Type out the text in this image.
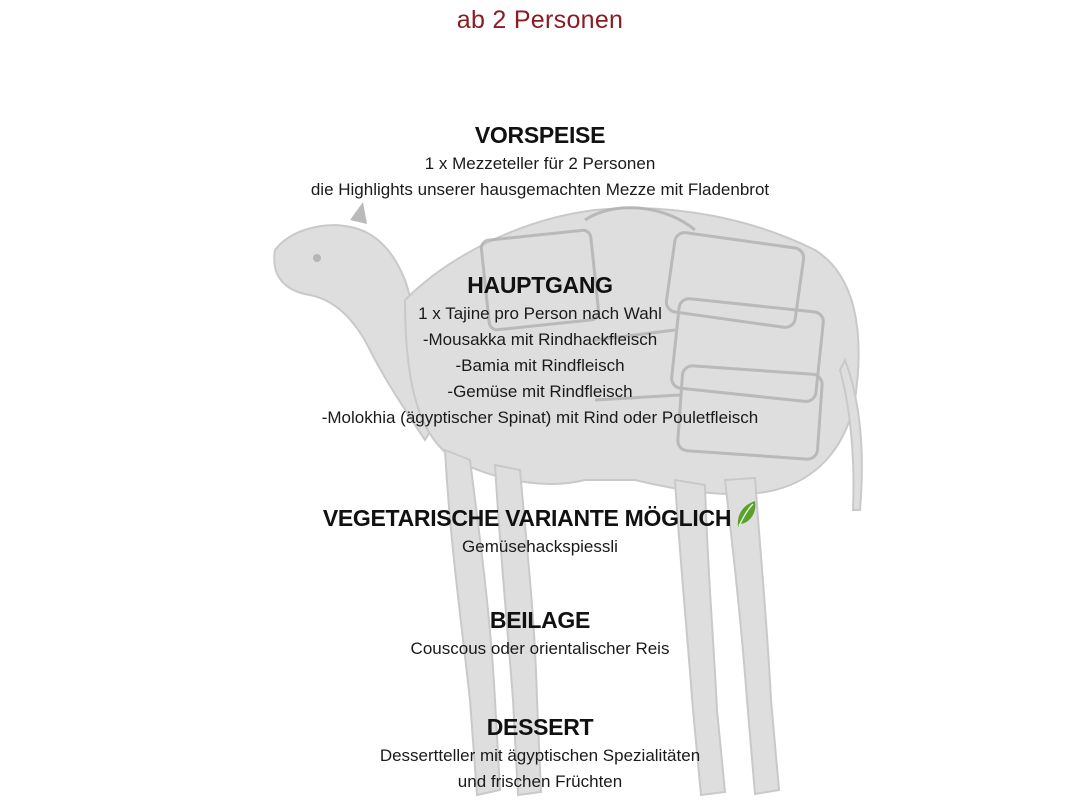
ab 2 Personen
VORSPEISE
1 x Mezzeteller für 2 Personen
die Highlights unserer hausgemachten Mezze mit Fladenbrot
HAUPTGANG
1 x Tajine pro Person nach Wahl
-Mousakka mit Rindhackfleisch
-Bamia mit Rindfleisch
-Gemüse mit Rindfleisch
-Molokhia (ägyptischer Spinat) mit Rind oder Pouletfleisch
VEGETARISCHE VARIANTE MÖGLICH
Gemüsehackspiessli
BEILAGE
Couscous oder orientalischer Reis
DESSERT
Dessertteller mit ägyptischen Spezialitäten
und frischen Früchten
